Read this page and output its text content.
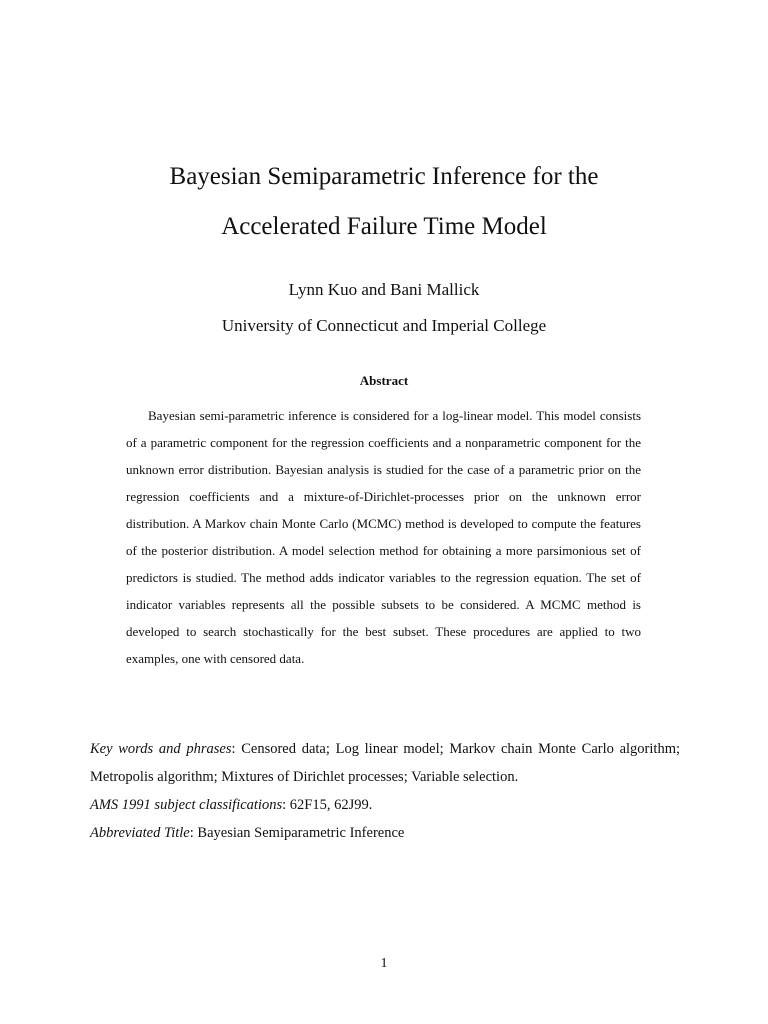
Bayesian Semiparametric Inference for the
Accelerated Failure Time Model
Lynn Kuo and Bani Mallick
University of Connecticut and Imperial College
Abstract

Bayesian semi-parametric inference is considered for a log-linear model. This model consists of a parametric component for the regression coefficients and a nonparametric component for the unknown error distribution. Bayesian analysis is studied for the case of a parametric prior on the regression coefficients and a mixture-of-Dirichlet-processes prior on the unknown error distribution. A Markov chain Monte Carlo (MCMC) method is developed to compute the features of the posterior distribution. A model selection method for obtaining a more parsimonious set of predictors is studied. The method adds indicator variables to the regression equation. The set of indicator variables represents all the possible subsets to be considered. A MCMC method is developed to search stochastically for the best subset. These procedures are applied to two examples, one with censored data.

Key words and phrases: Censored data; Log linear model; Markov chain Monte Carlo algorithm; Metropolis algorithm; Mixtures of Dirichlet processes; Variable selection.

AMS 1991 subject classifications: 62F15, 62J99.

Abbreviated Title: Bayesian Semiparametric Inference

1
